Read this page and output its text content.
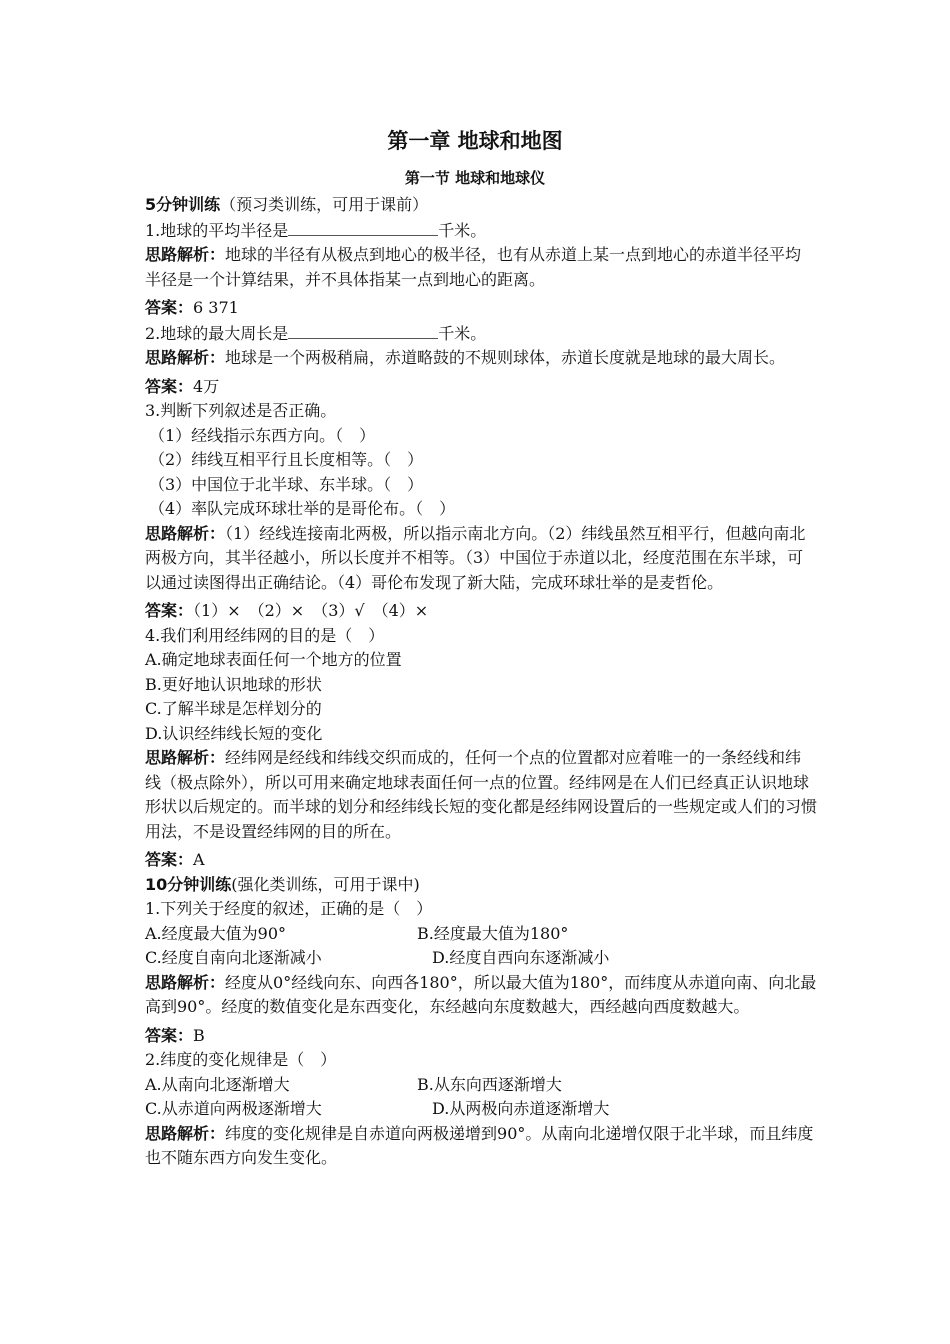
第一章 地球和地图
第一节 地球和地球仪
5分钟训练（预习类训练，可用于课前）
1.地球的平均半径是	千米。
思路解析：地球的半径有从极点到地心的极半径，也有从赤道上某一点到地心的赤道半径平均半径是一个计算结果，并不具体指某一点到地心的距离。
答案：6 371
2.地球的最大周长是	千米。
思路解析：地球是一个两极稍扁，赤道略鼓的不规则球体，赤道长度就是地球的最大周长。
答案：4万
3.判断下列叙述是否正确。
（1）经线指示东西方向。（　）
（2）纬线互相平行且长度相等。（　）
（3）中国位于北半球、东半球。（　）
（4）率队完成环球壮举的是哥伦布。（　）
思路解析：（1）经线连接南北两极，所以指示南北方向。（2）纬线虽然互相平行，但越向南北两极方向，其半径越小，所以长度并不相等。（3）中国位于赤道以北，经度范围在东半球，可以通过读图得出正确结论。（4）哥伦布发现了新大陆，完成环球壮举的是麦哲伦。
答案：（1）×　（2）×　（3）√　（4）×
4.我们利用经纬网的目的是（　）
A.确定地球表面任何一个地方的位置
B.更好地认识地球的形状
C.了解半球是怎样划分的
D.认识经纬线长短的变化
思路解析：经纬网是经线和纬线交织而成的，任何一个点的位置都对应着唯一的一条经线和纬线（极点除外），所以可用来确定地球表面任何一点的位置。经纬网是在人们已经真正认识地球形状以后规定的。而半球的划分和经纬线长短的变化都是经纬网设置后的一些规定或人们的习惯用法，不是设置经纬网的目的所在。
答案：A
10分钟训练(强化类训练，可用于课中)
1.下列关于经度的叙述，正确的是（　）
A.经度最大值为90°	B.经度最大值为180°
C.经度自南向北逐渐减小	D.经度自西向东逐渐减小
思路解析：经度从0°经线向东、向西各180°，所以最大值为180°，而纬度从赤道向南、向北最高到90°。经度的数值变化是东西变化，东经越向东度数越大，西经越向西度数越大。
答案：B
2.纬度的变化规律是（　）
A.从南向北逐渐增大	B.从东向西逐渐增大
C.从赤道向两极逐渐增大	D.从两极向赤道逐渐增大
思路解析：纬度的变化规律是自赤道向两极递增到90°。从南向北递增仅限于北半球，而且纬度也不随东西方向发生变化。
